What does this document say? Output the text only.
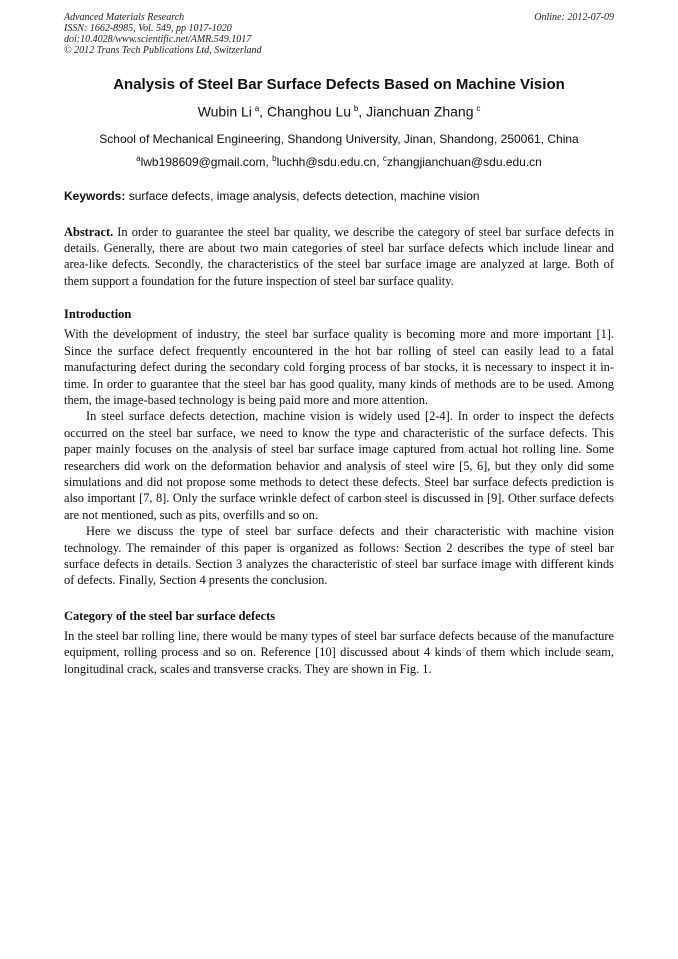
Advanced Materials Research
ISSN: 1662-8985, Vol. 549, pp 1017-1020
doi:10.4028/www.scientific.net/AMR.549.1017
© 2012 Trans Tech Publications Ltd, Switzerland
Online: 2012-07-09
Analysis of Steel Bar Surface Defects Based on Machine Vision
Wubin Li  $^a$, Changhou Lu  $^b$, Jianchuan Zhang  $^c$
School of Mechanical Engineering, Shandong University, Jinan, Shandong, 250061, China
$^a$lwb198609@gmail.com, $^b$luchh@sdu.edu.cn, $^c$zhangjianchuan@sdu.edu.cn
Keywords: surface defects, image analysis, defects detection, machine vision

Abstract. In order to guarantee the steel bar quality, we describe the category of steel bar surface defects in details. Generally, there are about two main categories of steel bar surface defects which include linear and area-like defects. Secondly, the characteristics of the steel bar surface image are analyzed at large. Both of them support a foundation for the future inspection of steel bar surface quality.

Introduction

With the development of industry, the steel bar surface quality is becoming more and more important [1]. Since the surface defect frequently encountered in the hot bar rolling of steel can easily lead to a fatal manufacturing defect during the secondary cold forging process of bar stocks, it is necessary to inspect it in-time. In order to guarantee that the steel bar has good quality, many kinds of methods are to be used. Among them, the image-based technology is being paid more and more attention.

In steel surface defects detection, machine vision is widely used [2-4]. In order to inspect the defects occurred on the steel bar surface, we need to know the type and characteristic of the surface defects. This paper mainly focuses on the analysis of steel bar surface image captured from actual hot rolling line. Some researchers did work on the deformation behavior and analysis of steel wire [5, 6], but they only did some simulations and did not propose some methods to detect these defects. Steel bar surface defects prediction is also important [7, 8]. Only the surface wrinkle defect of carbon steel is discussed in [9]. Other surface defects are not mentioned, such as pits, overfills and so on.

Here we discuss the type of steel bar surface defects and their characteristic with machine vision technology. The remainder of this paper is organized as follows: Section 2 describes the type of steel bar surface defects in details. Section 3 analyzes the characteristic of steel bar surface image with different kinds of defects. Finally, Section 4 presents the conclusion.

Category of the steel bar surface defects

In the steel bar rolling line, there would be many types of steel bar surface defects because of the manufacture equipment, rolling process and so on. Reference [10] discussed about 4 kinds of them which include seam, longitudinal crack, scales and transverse cracks. They are shown in Fig. 1.
